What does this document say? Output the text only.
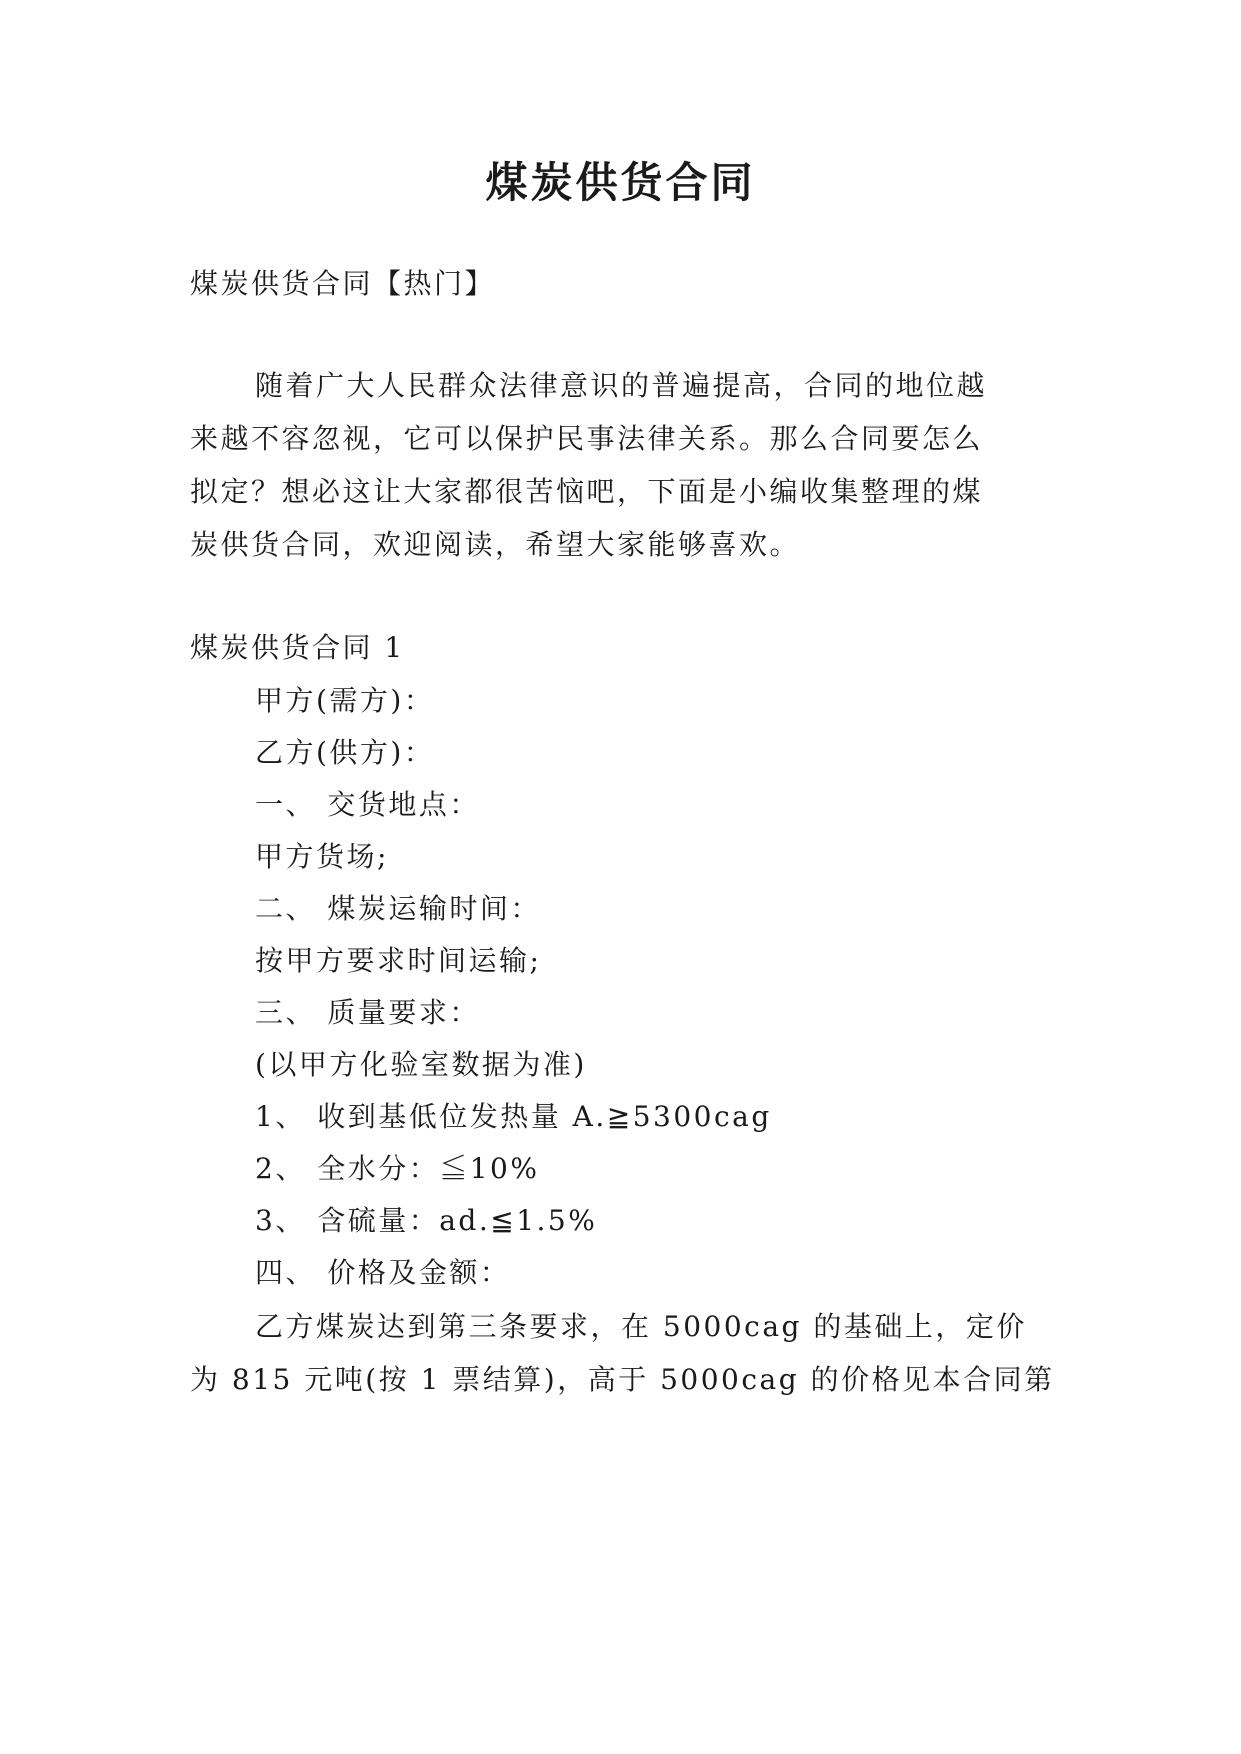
煤炭供货合同

煤炭供货合同【热门】

随着广大人民群众法律意识的普遍提高，合同的地位越

来越不容忽视，它可以保护民事法律关系。那么合同要怎么

拟定？想必这让大家都很苦恼吧，下面是小编收集整理的煤

炭供货合同，欢迎阅读，希望大家能够喜欢。

煤炭供货合同 1

甲方(需方)：

乙方(供方)：

一、 交货地点：

甲方货场;

二、 煤炭运输时间：

按甲方要求时间运输;

三、 质量要求：

(以甲方化验室数据为准)

1、 收到基低位发热量 A.≧5300cag

2、 全水分：≦10%

3、 含硫量：ad.≦1.5%

四、 价格及金额：

乙方煤炭达到第三条要求，在 5000cag 的基础上，定价

为 815 元吨(按 1 票结算)，高于 5000cag 的价格见本合同第
